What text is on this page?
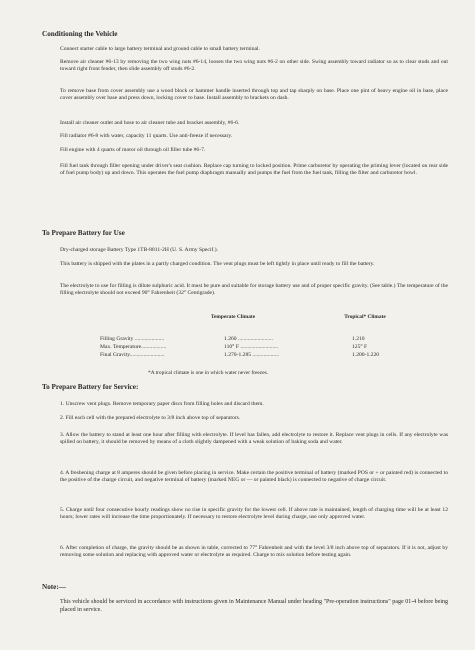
Conditioning the Vehicle
Connect starter cable to large battery terminal and ground cable to small battery terminal.
Remove air cleaner #6-13 by removing the two wing nuts #6-14, loosen the two wing nuts #6-2 on other side. Swing assembly toward radiator so as to clear studs and out toward right front fender, then slide assembly off studs #6-2.
To remove base from cover assembly use a wood block or hammer handle inserted through top and tap sharply on base. Place one pint of heavy engine oil in base, place cover assembly over base and press down, locking cover to base. Install assembly to brackets on dash.
Install air cleaner outlet and hose to air cleaner tube and bracket assembly, #6-6.
Fill radiator #6-8 with water, capacity 11 quarts. Use anti-freeze if necessary.
Fill engine with 4 quarts of motor oil through oil filler tube #6-7.
Fill fuel tank through filler opening under driver's seat cushion. Replace cap turning to locked position. Prime carburetor by operating the priming lever (located on rear side of fuel pump body) up and down. This operates the fuel pump diaphragm manually and pumps the fuel from the fuel tank, filling the filter and carburetor bowl.
To Prepare Battery for Use
Dry-charged storage Battery Type 1TB-8811-2H (U. S. Army Specif.).
This battery is shipped with the plates in a partly charged condition. The vent plugs must be left tightly in place until ready to fill the battery.
The electrolyte to use for filling is dilute sulphuric acid. It must be pure and suitable for storage battery use and of proper specific gravity. (See table.) The temperature of the filling electrolyte should not exceed 90° Fahrenheit (32° Centigrade).
Temperate Climate	Tropical* Climate
Filling Gravity .....................	1.260 .........................	1.210
Max. Temperature..................	110° F ...........................	125° F
Final Gravity.........................	1.270-1.285 ...................	1.200-1.220
*A tropical climate is one in which water never freezes.
To Prepare Battery for Service:
1. Unscrew vent plugs. Remove temporary paper discs from filling holes and discard them.
2. Fill each cell with the prepared electrolyte to 3/8 inch above top of separators.
3. Allow the battery to stand at least one hour after filling with electrolyte. If level has fallen, add electrolyte to restore it. Replace vent plugs in cells. If any electrolyte was spilled on battery, it should be removed by means of a cloth slightly dampened with a weak solution of baking soda and water.
4. A freshening charge at 8 amperes should be given before placing in service. Make certain the positive terminal of battery (marked POS or + or painted red) is connected to the positive of the charge circuit, and negative terminal of battery (marked NEG or — or painted black) is connected to negative of charge circuit.
5. Charge until four consecutive hourly readings show no rise in specific gravity for the lowest cell. If above rate is maintained, length of charging time will be at least 12 hours; lower rates will increase the time proportionately. If necessary to restore electrolyte level during charge, use only approved water.
6. After completion of charge, the gravity should be as shown in table, corrected to 77° Fahrenheit and with the level 3/8 inch above top of separators. If it is not, adjust by removing some solution and replacing with approved water or electrolyte as required. Charge to mix solution before testing again.
Note:—
This vehicle should be serviced in accordance with instructions given in Maintenance Manual under heading "Pre-operation instructions" page 01-4 before being placed in service.
